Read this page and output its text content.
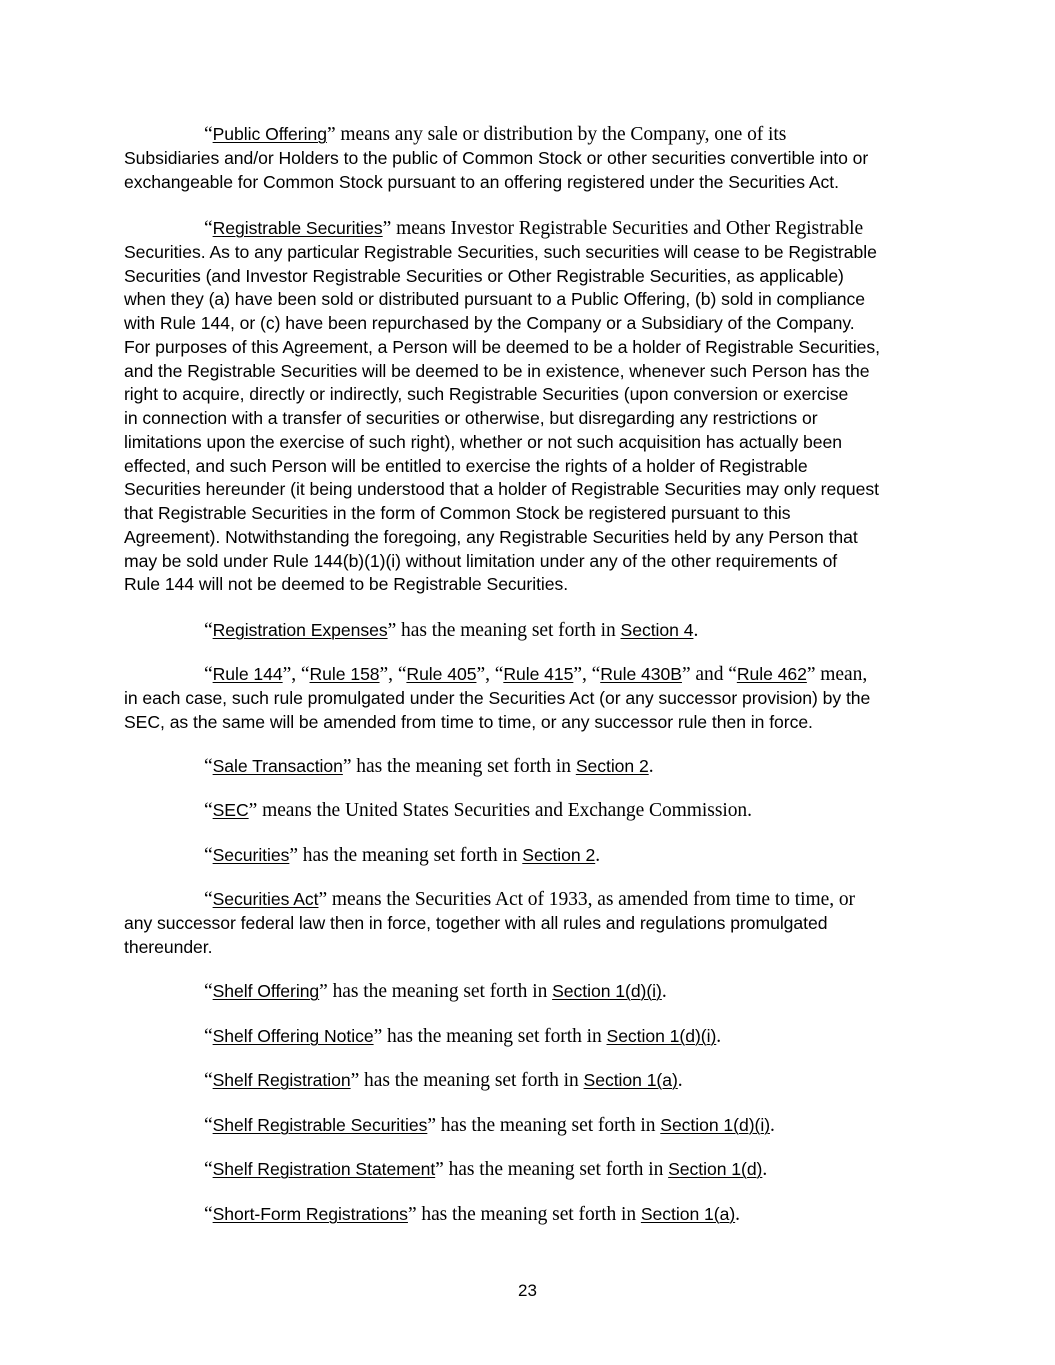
“Public Offering” means any sale or distribution by the Company, one of its
Subsidiaries and/or Holders to the public of Common Stock or other securities convertible into or
exchangeable for Common Stock pursuant to an offering registered under the Securities Act.

“Registrable Securities” means Investor Registrable Securities and Other Registrable
Securities. As to any particular Registrable Securities, such securities will cease to be Registrable
Securities (and Investor Registrable Securities or Other Registrable Securities, as applicable)
when they (a) have been sold or distributed pursuant to a Public Offering, (b) sold in compliance
with Rule 144, or (c) have been repurchased by the Company or a Subsidiary of the Company.
For purposes of this Agreement, a Person will be deemed to be a holder of Registrable Securities,
and the Registrable Securities will be deemed to be in existence, whenever such Person has the
right to acquire, directly or indirectly, such Registrable Securities (upon conversion or exercise
in connection with a transfer of securities or otherwise, but disregarding any restrictions or
limitations upon the exercise of such right), whether or not such acquisition has actually been
effected, and such Person will be entitled to exercise the rights of a holder of Registrable
Securities hereunder (it being understood that a holder of Registrable Securities may only request
that Registrable Securities in the form of Common Stock be registered pursuant to this
Agreement). Notwithstanding the foregoing, any Registrable Securities held by any Person that
may be sold under Rule 144(b)(1)(i) without limitation under any of the other requirements of
Rule 144 will not be deemed to be Registrable Securities.

“Registration Expenses” has the meaning set forth in Section 4.

“Rule 144”, “Rule 158”, “Rule 405”, “Rule 415”, “Rule 430B” and “Rule 462” mean,
in each case, such rule promulgated under the Securities Act (or any successor provision) by the
SEC, as the same will be amended from time to time, or any successor rule then in force.

“Sale Transaction” has the meaning set forth in Section 2.

“SEC” means the United States Securities and Exchange Commission.

“Securities” has the meaning set forth in Section 2.

“Securities Act” means the Securities Act of 1933, as amended from time to time, or
any successor federal law then in force, together with all rules and regulations promulgated
thereunder.

“Shelf Offering” has the meaning set forth in Section 1(d)(i).

“Shelf Offering Notice” has the meaning set forth in Section 1(d)(i).

“Shelf Registration” has the meaning set forth in Section 1(a).

“Shelf Registrable Securities” has the meaning set forth in Section 1(d)(i).

“Shelf Registration Statement” has the meaning set forth in Section 1(d).

“Short-Form Registrations” has the meaning set forth in Section 1(a).

23
